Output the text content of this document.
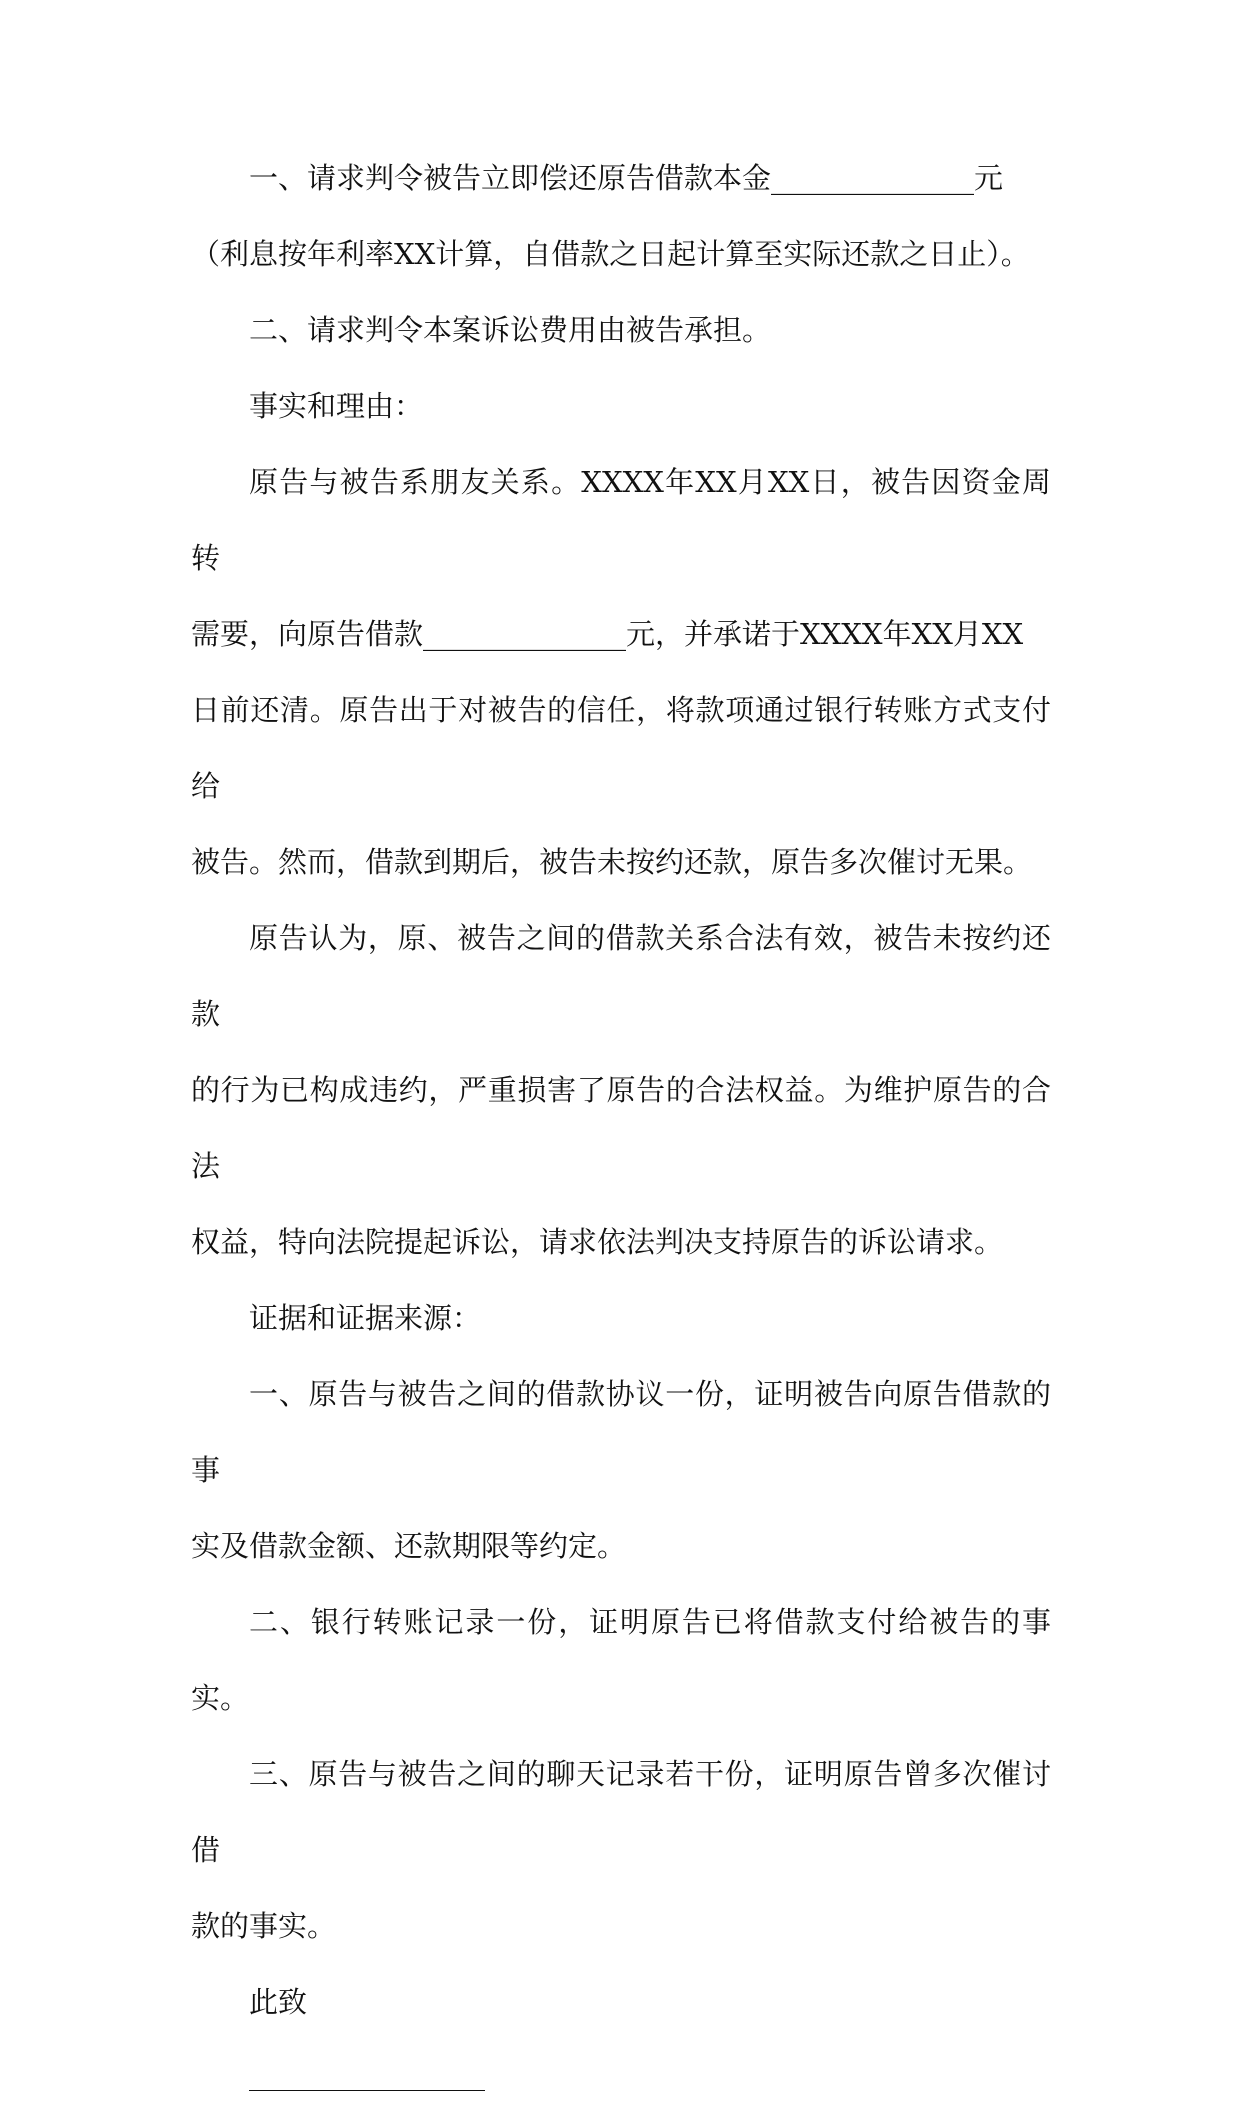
一、请求判令被告立即偿还原告借款本金______________元
（利息按年利率XX计算，自借款之日起计算至实际还款之日止）。

二、请求判令本案诉讼费用由被告承担。

事实和理由：

原告与被告系朋友关系。XXXX年XX月XX日，被告因资金周转
需要，向原告借款______________元，并承诺于XXXX年XX月XX
日前还清。原告出于对被告的信任，将款项通过银行转账方式支付给
被告。然而，借款到期后，被告未按约还款，原告多次催讨无果。

原告认为，原、被告之间的借款关系合法有效，被告未按约还款
的行为已构成违约，严重损害了原告的合法权益。为维护原告的合法
权益，特向法院提起诉讼，请求依法判决支持原告的诉讼请求。

证据和证据来源：

一、原告与被告之间的借款协议一份，证明被告向原告借款的事
实及借款金额、还款期限等约定。

二、银行转账记录一份，证明原告已将借款支付给被告的事实。

三、原告与被告之间的聊天记录若干份，证明原告曾多次催讨借
款的事实。

此致
